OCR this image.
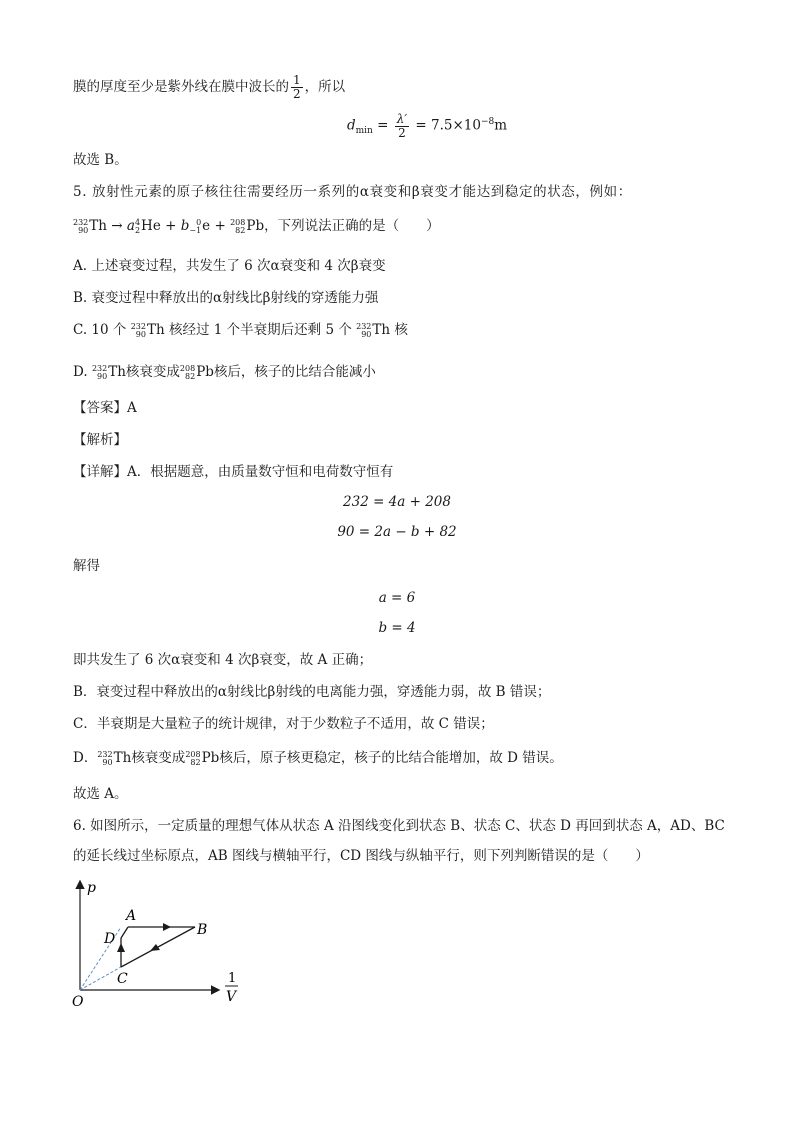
膜的厚度至少是紫外线在膜中波长的 $\frac{1}{2}$ ，所以
$d_{min} = \frac{\lambda'}{2} = 7.5\times 10^{-8}m$
故选 B。
5. 放射性元素的原子核往往需要经历一系列的α衰变和β衰变才能达到稳定的状态，例如：
232
90 Th → a 4
2 He + b 0
−1 e + 208
82 Pb，下列说法正确的是（　　）
A. 上述衰变过程，共发生了 6 次α衰变和 4 次β衰变
B. 衰变过程中释放出的α射线比β射线的穿透能力强
C. 10 个 232
90 Th 核经过 1 个半衰期后还剩 5 个 232
90 Th 核
D. 232
90 Th核衰变成 208
82 Pb核后，核子的比结合能减小
【答案】A
【解析】
【详解】A．根据题意，由质量数守恒和电荷数守恒有
232 = 4a + 208
90 = 2a − b + 82
解得
a = 6
b = 4
即共发生了 6 次α衰变和 4 次β衰变，故 A 正确；
B．衰变过程中释放出的α射线比β射线的电离能力强，穿透能力弱，故 B 错误；
C．半衰期是大量粒子的统计规律，对于少数粒子不适用，故 C 错误；
D． 232
90 Th核衰变成 208
82 Pb核后，原子核更稳定，核子的比结合能增加，故 D 错误。
故选 A。
6. 如图所示，一定质量的理想气体从状态 A 沿图线变化到状态 B、状态 C、状态 D 再回到状态 A，AD、BC
的延长线过坐标原点，AB 图线与横轴平行，CD 图线与纵轴平行，则下列判断错误的是（　　）
p
A
B
D
C
O
1
V
